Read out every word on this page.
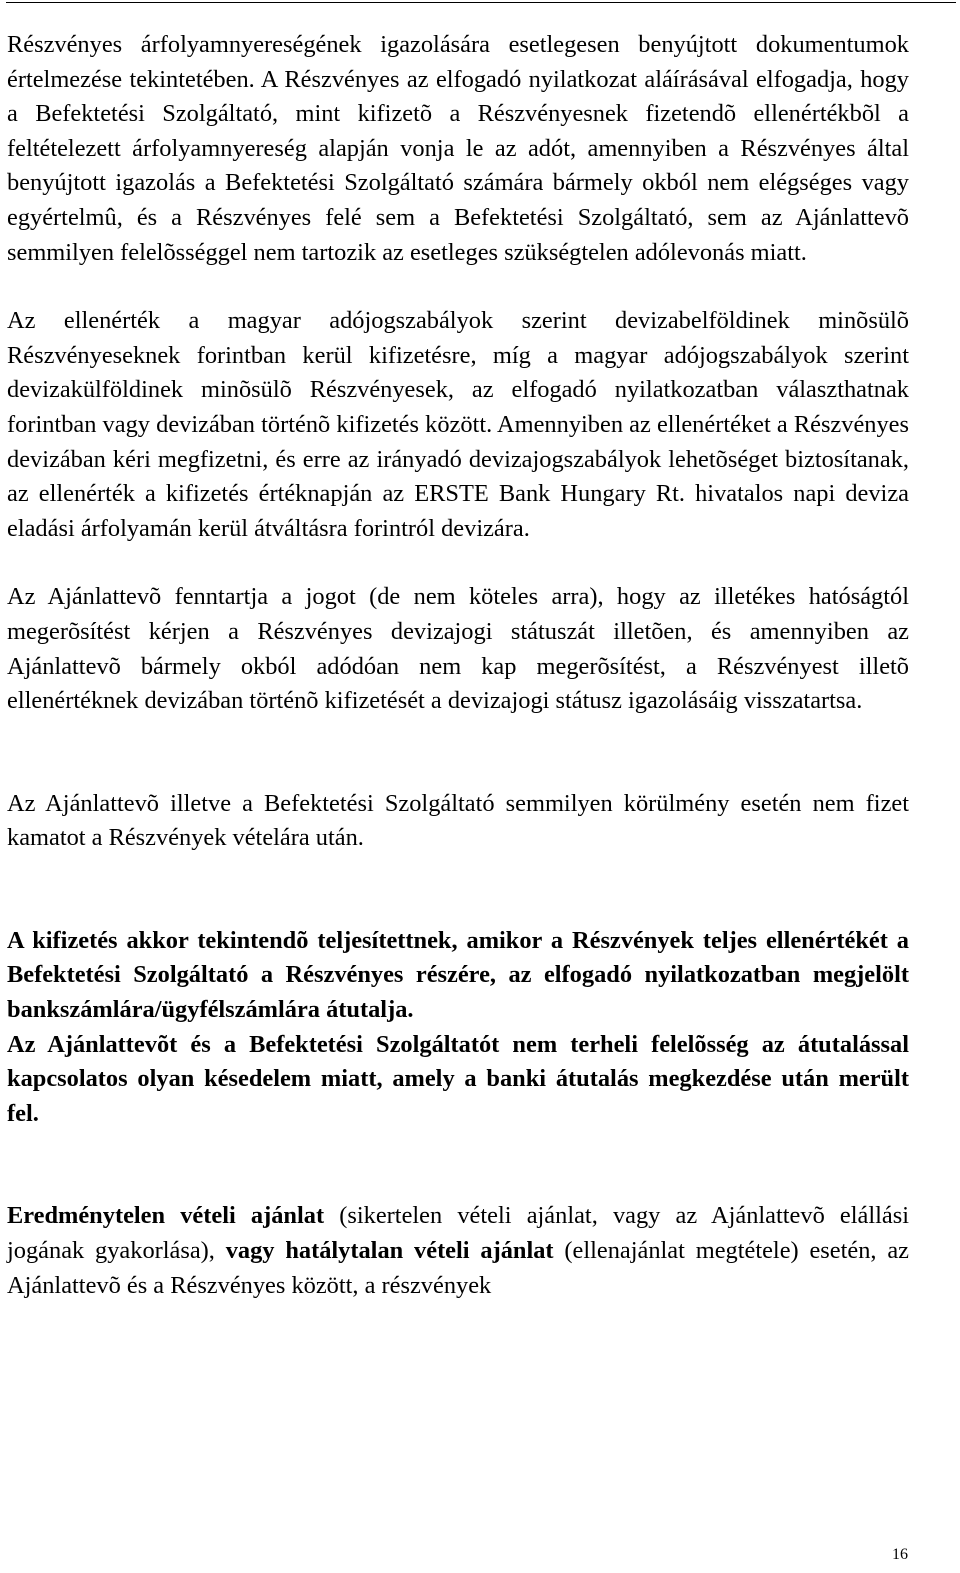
Részvényes árfolyamnyereségének igazolására esetlegesen benyújtott dokumentumok értelmezése tekintetében. A Részvényes az elfogadó nyilatkozat aláírásával elfogadja, hogy a Befektetési Szolgáltató, mint kifizetõ a Részvényesnek fizetendõ ellenértékbõl a feltételezett árfolyamnyereség alapján vonja le az adót, amennyiben a Részvényes által benyújtott igazolás a Befektetési Szolgáltató számára bármely okból nem elégséges vagy egyértelmû, és a Részvényes felé sem a Befektetési Szolgáltató, sem az Ajánlattevõ semmilyen felelõsséggel nem tartozik az esetleges szükségtelen adólevonás miatt.

Az ellenérték a magyar adójogszabályok szerint devizabelföldinek minõsülõ Részvényeseknek forintban kerül kifizetésre, míg a magyar adójogszabályok szerint devizakülföldinek minõsülõ Részvényesek, az elfogadó nyilatkozatban választhatnak forintban vagy devizában történõ kifizetés között. Amennyiben az ellenértéket a Részvényes devizában kéri megfizetni, és erre az irányadó devizajogszabályok lehetõséget biztosítanak, az ellenérték a kifizetés értéknapján az ERSTE Bank Hungary Rt. hivatalos napi deviza eladási árfolyamán kerül átváltásra forintról devizára.

Az Ajánlattevõ fenntartja a jogot (de nem köteles arra), hogy az illetékes hatóságtól megerõsítést kérjen a Részvényes devizajogi státuszát illetõen, és amennyiben az Ajánlattevõ bármely okból adódóan nem kap megerõsítést, a Részvényest illetõ ellenértéknek devizában történõ kifizetését a devizajogi státusz igazolásáig visszatartsa.

Az Ajánlattevõ illetve a Befektetési Szolgáltató semmilyen körülmény esetén nem fizet kamatot a Részvények vételára után.

A kifizetés akkor tekintendõ teljesítettnek, amikor a Részvények teljes ellenértékét a Befektetési Szolgáltató a Részvényes részére, az elfogadó nyilatkozatban megjelölt bankszámlára/ügyfélszámlára átutalja.

Az Ajánlattevõt és a Befektetési Szolgáltatót nem terheli felelõsség az átutalással kapcsolatos olyan késedelem miatt, amely a banki átutalás megkezdése után merült fel.

Eredménytelen vételi ajánlat (sikertelen vételi ajánlat, vagy az Ajánlattevõ elállási jogának gyakorlása), vagy hatálytalan vételi ajánlat (ellenajánlat megtétele) esetén, az Ajánlattevõ és a Részvényes között, a részvények

16
